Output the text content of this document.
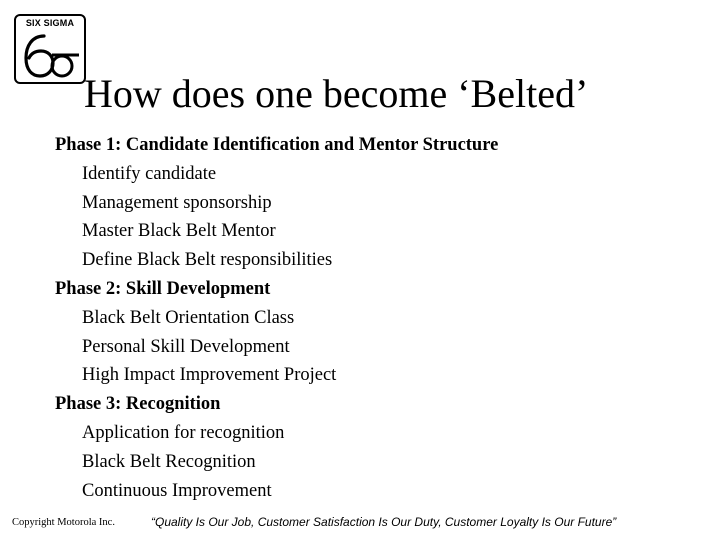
SIX SIGMA
How does one become ‘Belted’
Phase 1: Candidate Identification and Mentor Structure
Identify candidate
Management sponsorship
Master Black Belt Mentor
Define Black Belt responsibilities
Phase 2: Skill Development
Black Belt Orientation Class
Personal Skill Development
High Impact Improvement Project
Phase 3: Recognition
Application for recognition
Black Belt Recognition
Continuous Improvement
Copyright Motorola Inc.	“Quality Is Our Job, Customer Satisfaction Is Our Duty, Customer Loyalty Is Our Future”
